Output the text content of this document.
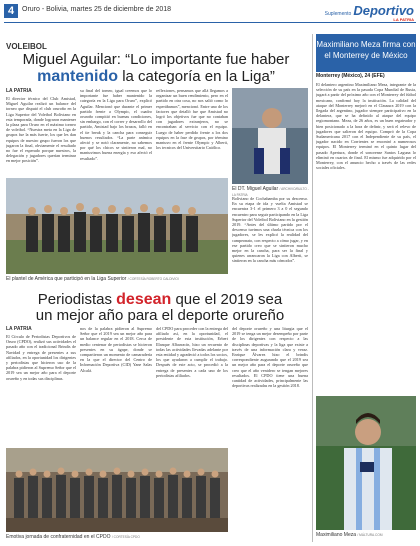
4	Oruro - Bolivia, martes 25 de diciembre de 2018
Suplemento Deportivo
LA PATRIA
VOLEIBOL
Miguel Aguilar: “Lo importante fue haber
mantenido la categoría en la Liga”
LA PATRIA
El director técnico del Club Amistad, Miguel Aguilar realizó un balance del torneo que disputó el club oruroño en la Liga Superior del Voleibol Boliviano en esta temporada, donde lograron mantener la plaza para Oruro en el máximo torneo de voleibol. “Nuestra meta en la Liga de grupos fue la más fuerte, los que les dan equipos de nuestro grupo fueron los que jugaron la final, obviamente el resultado no fue el esperado porque nuestros, la delegación y jugadores querían terminar en mejor posición”.
su final del torneo, igual creemos que lo importante fue haber mantenido la categoría en la Liga para Oruro”, explicó Aguilar. Mencionó que durante el primer partido frente a Olympic, el cuadro oruroño compitió en buenas condiciones, sin embargo, con el correr y desarrollo del partido, Amistad bajo los brazos, falló en el tie break y la cancha para conseguir buenos resultados. “La parte anímica afectó y se notó claramente, no sabemos por qué los chicos se sintieron mal, no mantuvimos buena energía y eso afectó el resultado”.
reflexiones, pensamos que allá llegamos a organizar un buen rendimiento, pero en el partido en otra cosa, no nos salió como lo esperábamos”, mencionó. Entre uno de los factores que detalló fue que Amistad no logró los objetivos fue que no contaban con jugadores extranjeros, no se encontraban al servicio con el equipo. Luego de haber perdido frente a los dos equipos en la fase de grupos, por término mantuvo en el frente Olympic y Alberti, los tecnicos del Universitario Católico.
El DT. Miguel Aguilar / ARCHIVO/BULTO - LA PATRIA
Boliviano de Cochabamba por su descenso. En su etapa de ida y vuelta Amistad se encuentra 3-1 el primero 3 a 0 el segundo encuentro para seguir participando en la Liga Superior del Voleibol Boliviano en la gestión 2019. “Antes del último partido por el descenso tuvimos una charla técnica con los jugadores, se les explicó la realidad del campeonato, con respecto a cómo jugar, y en ese partido creo que se sintieron mucho mejor en la cancha, para ser la final y quienes arrancaron la Liga con Alberti, se sintieron en la cancha más cómodos”.
El plantel de América que participó en la Liga Superior / CORTESÍA ROBERTO CALDIVIOI
Periodistas desean que el 2019 sea
un mejor año para el deporte orureño
LA PATRIA
El Círculo de Periodistas Deportivos de Oruro (CPDO), realizó sus actividades el pasado año con el tradicional Brindis de Navidad y entrega de presentes a sus afiliados, en la oportunidad los dirigentes y periodistas que hicieron uso de la palabra pidieron al Supremo Señor que el 2019 sea un mejor año para el deporte orureño y en todas sus disciplinas.
nos de la palabra pidieron al Supremo Señor que el 2019 sea un mejor año para un balance regular en el 2018. Cerca de medio centenar de periodistas se hicieron presentes en su ágape, donde se compartieron un momento de camaradería en la que el director del Centro de Información Deportiva (CID) Yane Salas Alcalá.
del CPDO para proceder con la entrega del afiliado así, en la oportunidad, el presidente de esta institución, Erbert Illanque Albarracín, hizo un recuento de todas las actividades llevadas adelante por esta entidad y agradeció a todos los socios, los que ayudaron a cumplir el trabajo. Después de este acto, se procedió a la entrega de presentes a cada uno de los periodistas afiliados.
del deporte orureño y una liturgia que el 2019 se tenga un mejor desempeño por parte de los dirigentes con respecto a las disciplinas deportivas y la liga que existe a través de una información clara y veraz. Enrique Álvarez hizo el brindis correspondiente augurando que el 2019 sea un mejor año para el deporte orureño que creo que el año venidero se tengan mejores resultados. El CPDO tiene una buena cantidad de actividades, principalmente las deportivas realizadas en la gestión 2018.
Emotiva jornada de confraternidad en el CPDO / CORTESÍA CPDO
Maximiliano Meza firma con el Monterrey de México
Monterrey (México), 24 (EFE)
El delantero argentino Maximiliano Meza, integrante de la selección de su país en la pasada Copa Mundial de Rusia, jugará a partir del próximo año con el Monterrey del fútbol mexicano, confirmó hoy la institución. La calidad del ataque del Monterrey mejoró en el Clausura 2019 con la llegada del argentino, jugador siempre participativo en la delantera, que se ha definido al ataque del equipo regiomontano. Meza, de 26 años, es un buen regateador y bien posicionado a la hora de definir, y será el relevo de jugadores que salieron del equipo. Compró de la Copa Sudamericana 2017 con el Independiente de su país, el jugador nacido en Corrientes se encontró a numerosos equipos. El Monterrey terminó en el quinto lugar del pasado Apertura, donde el sonorense Santos Laguna lo eliminó en cuartos de final. El mismo fue adquirido por el Monterrey, con el anuncio hecho a través de las redes sociales oficiales.
Maximiliano Meza / MÁLTURA.COM
